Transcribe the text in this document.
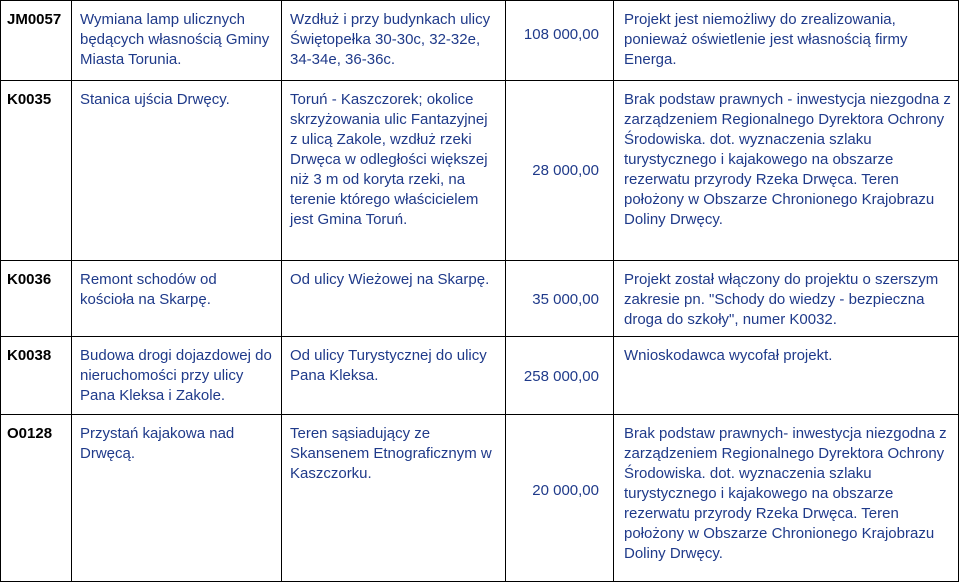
JM0057	Wymiana lamp ulicznych będących własnością Gminy Miasta Torunia.	Wzdłuż i przy budynkach ulicy Świętopełka 30-30c, 32-32e, 34-34e, 36-36c.	108 000,00	Projekt jest niemożliwy do zrealizowania, ponieważ oświetlenie jest własnością firmy Energa.
K0035	Stanica ujścia Drwęcy.	Toruń - Kaszczorek; okolice skrzyżowania ulic Fantazyjnej z ulicą Zakole, wzdłuż rzeki Drwęca w odległości większej niż 3 m od koryta rzeki, na terenie którego właścicielem jest Gmina Toruń.	28 000,00	Brak podstaw prawnych - inwestycja niezgodna z zarządzeniem Regionalnego Dyrektora Ochrony Środowiska. dot. wyznaczenia szlaku turystycznego i kajakowego na obszarze rezerwatu przyrody Rzeka Drwęca. Teren położony w Obszarze Chronionego Krajobrazu Doliny Drwęcy.
K0036	Remont schodów od kościoła na Skarpę.	Od ulicy Wieżowej na Skarpę.	35 000,00	Projekt został włączony do projektu o szerszym zakresie pn. "Schody do wiedzy - bezpieczna droga do szkoły", numer K0032.
K0038	Budowa drogi dojazdowej do nieruchomości przy ulicy Pana Kleksa i Zakole.	Od ulicy Turystycznej do ulicy Pana Kleksa.	258 000,00	Wnioskodawca wycofał projekt.
O0128	Przystań kajakowa nad Drwęcą.	Teren sąsiadujący ze Skansenem Etnograficznym w Kaszczorku.	20 000,00	Brak podstaw prawnych- inwestycja niezgodna z zarządzeniem Regionalnego Dyrektora Ochrony Środowiska. dot. wyznaczenia szlaku turystycznego i kajakowego na obszarze rezerwatu przyrody Rzeka Drwęca. Teren położony w Obszarze Chronionego Krajobrazu Doliny Drwęcy.
